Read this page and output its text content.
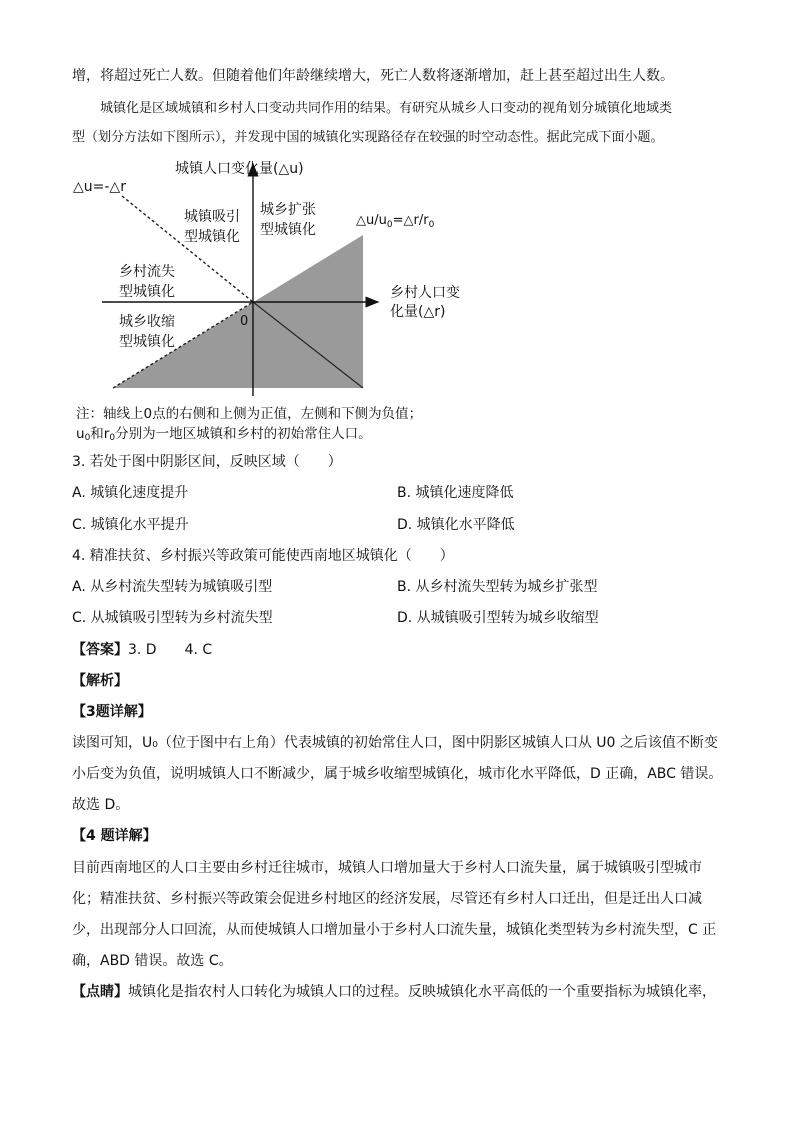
增，将超过死亡人数。但随着他们年龄继续增大，死亡人数将逐渐增加，赶上甚至超过出生人数。
城镇化是区域城镇和乡村人口变动共同作用的结果。有研究从城乡人口变动的视角划分城镇化地域类
型（划分方法如下图所示），并发现中国的城镇化实现路径存在较强的时空动态性。据此完成下面小题。
城镇人口变化量(△u)
乡村人口变
化量(△r)
△u=-△r
$\triangle u/u_0=\triangle r/r_0$
0
城镇吸引 型城镇化
城乡扩张 型城镇化
乡村流失 型城镇化
城乡收缩 型城镇化
注：轴线上0点的右侧和上侧为正值，左侧和下侧为负值；
$u_0$和$r_0$分别为一地区城镇和乡村的初始常住人口。
3. 若处于图中阴影区间，反映区域（　　）
A. 城镇化速度提升	B. 城镇化速度降低
C. 城镇化水平提升	D. 城镇化水平降低
4. 精准扶贫、乡村振兴等政策可能使西南地区城镇化（　　）
A. 从乡村流失型转为城镇吸引型	B. 从乡村流失型转为城乡扩张型
C. 从城镇吸引型转为乡村流失型	D. 从城镇吸引型转为城乡收缩型
【答案】3. D　　4. C
【解析】
【3题详解】
读图可知，U₀（位于图中右上角）代表城镇的初始常住人口，图中阴影区城镇人口从 U0 之后该值不断变
小后变为负值，说明城镇人口不断减少，属于城乡收缩型城镇化，城市化水平降低，D 正确，ABC 错误。
故选 D。
【4 题详解】
目前西南地区的人口主要由乡村迁往城市，城镇人口增加量大于乡村人口流失量，属于城镇吸引型城市
化；精准扶贫、乡村振兴等政策会促进乡村地区的经济发展，尽管还有乡村人口迁出，但是迁出人口减
少，出现部分人口回流，从而使城镇人口增加量小于乡村人口流失量，城镇化类型转为乡村流失型，C 正
确，ABD 错误。故选 C。
【点睛】城镇化是指农村人口转化为城镇人口的过程。反映城镇化水平高低的一个重要指标为城镇化率，
